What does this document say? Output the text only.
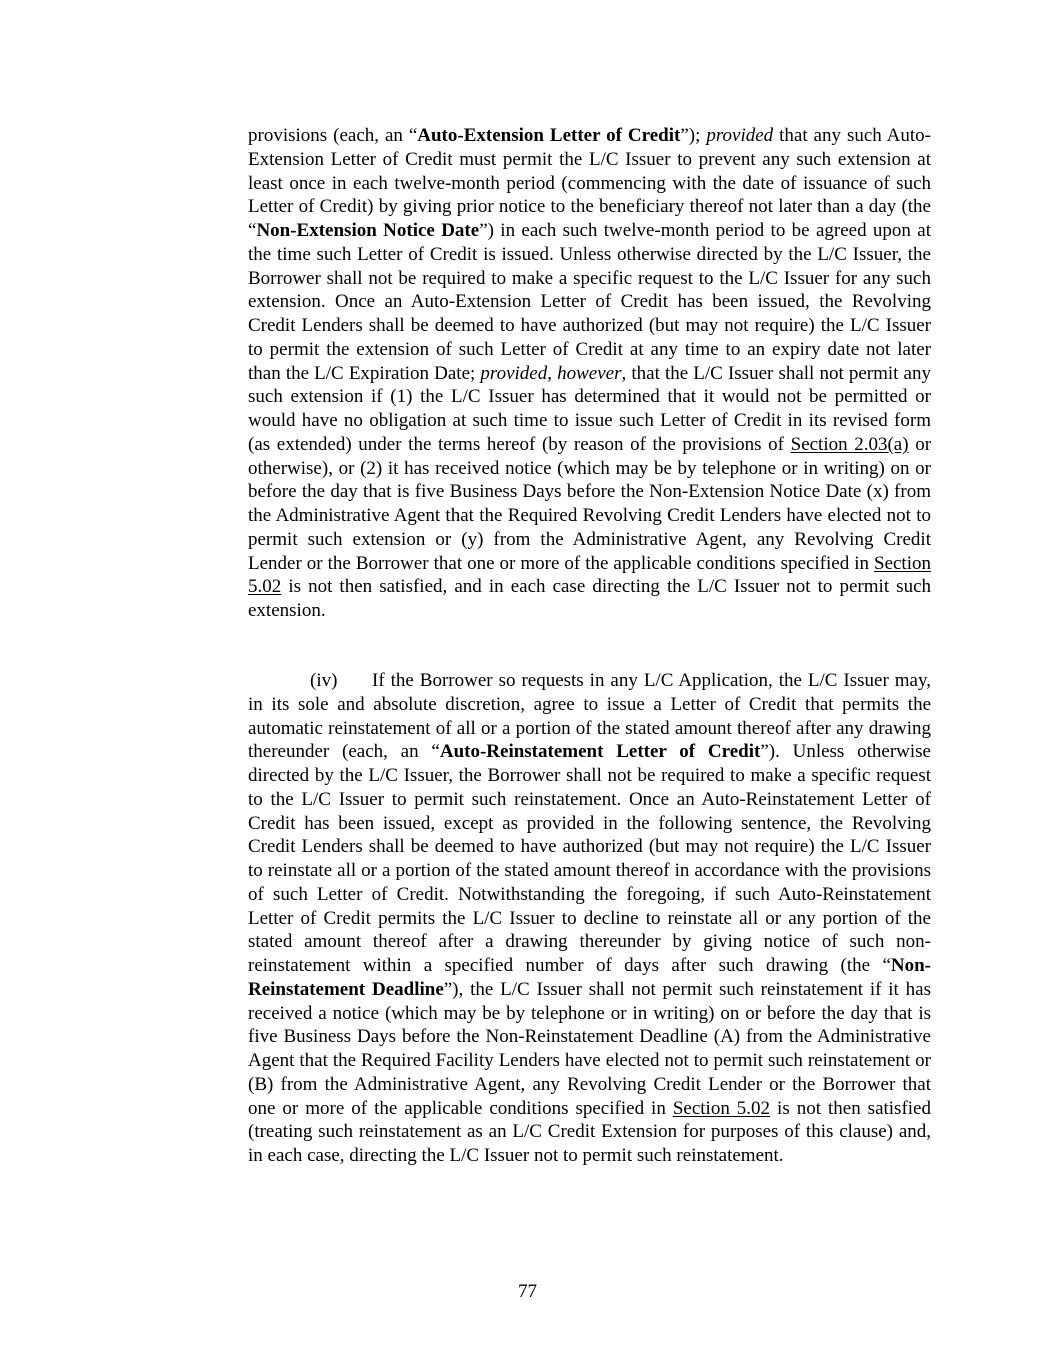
provisions (each, an “Auto-Extension Letter of Credit”); provided that any such Auto-Extension Letter of Credit must permit the L/C Issuer to prevent any such extension at least once in each twelve-month period (commencing with the date of issuance of such Letter of Credit) by giving prior notice to the beneficiary thereof not later than a day (the “Non-Extension Notice Date”) in each such twelve-month period to be agreed upon at the time such Letter of Credit is issued. Unless otherwise directed by the L/C Issuer, the Borrower shall not be required to make a specific request to the L/C Issuer for any such extension. Once an Auto-Extension Letter of Credit has been issued, the Revolving Credit Lenders shall be deemed to have authorized (but may not require) the L/C Issuer to permit the extension of such Letter of Credit at any time to an expiry date not later than the L/C Expiration Date; provided, however, that the L/C Issuer shall not permit any such extension if (1) the L/C Issuer has determined that it would not be permitted or would have no obligation at such time to issue such Letter of Credit in its revised form (as extended) under the terms hereof (by reason of the provisions of Section 2.03(a) or otherwise), or (2) it has received notice (which may be by telephone or in writing) on or before the day that is five Business Days before the Non-Extension Notice Date (x) from the Administrative Agent that the Required Revolving Credit Lenders have elected not to permit such extension or (y) from the Administrative Agent, any Revolving Credit Lender or the Borrower that one or more of the applicable conditions specified in Section 5.02 is not then satisfied, and in each case directing the L/C Issuer not to permit such extension.

(iv) If the Borrower so requests in any L/C Application, the L/C Issuer may, in its sole and absolute discretion, agree to issue a Letter of Credit that permits the automatic reinstatement of all or a portion of the stated amount thereof after any drawing thereunder (each, an “Auto-Reinstatement Letter of Credit”). Unless otherwise directed by the L/C Issuer, the Borrower shall not be required to make a specific request to the L/C Issuer to permit such reinstatement. Once an Auto-Reinstatement Letter of Credit has been issued, except as provided in the following sentence, the Revolving Credit Lenders shall be deemed to have authorized (but may not require) the L/C Issuer to reinstate all or a portion of the stated amount thereof in accordance with the provisions of such Letter of Credit. Notwithstanding the foregoing, if such Auto-Reinstatement Letter of Credit permits the L/C Issuer to decline to reinstate all or any portion of the stated amount thereof after a drawing thereunder by giving notice of such non-reinstatement within a specified number of days after such drawing (the “Non-Reinstatement Deadline”), the L/C Issuer shall not permit such reinstatement if it has received a notice (which may be by telephone or in writing) on or before the day that is five Business Days before the Non-Reinstatement Deadline (A) from the Administrative Agent that the Required Facility Lenders have elected not to permit such reinstatement or (B) from the Administrative Agent, any Revolving Credit Lender or the Borrower that one or more of the applicable conditions specified in Section 5.02 is not then satisfied (treating such reinstatement as an L/C Credit Extension for purposes of this clause) and, in each case, directing the L/C Issuer not to permit such reinstatement.

77
